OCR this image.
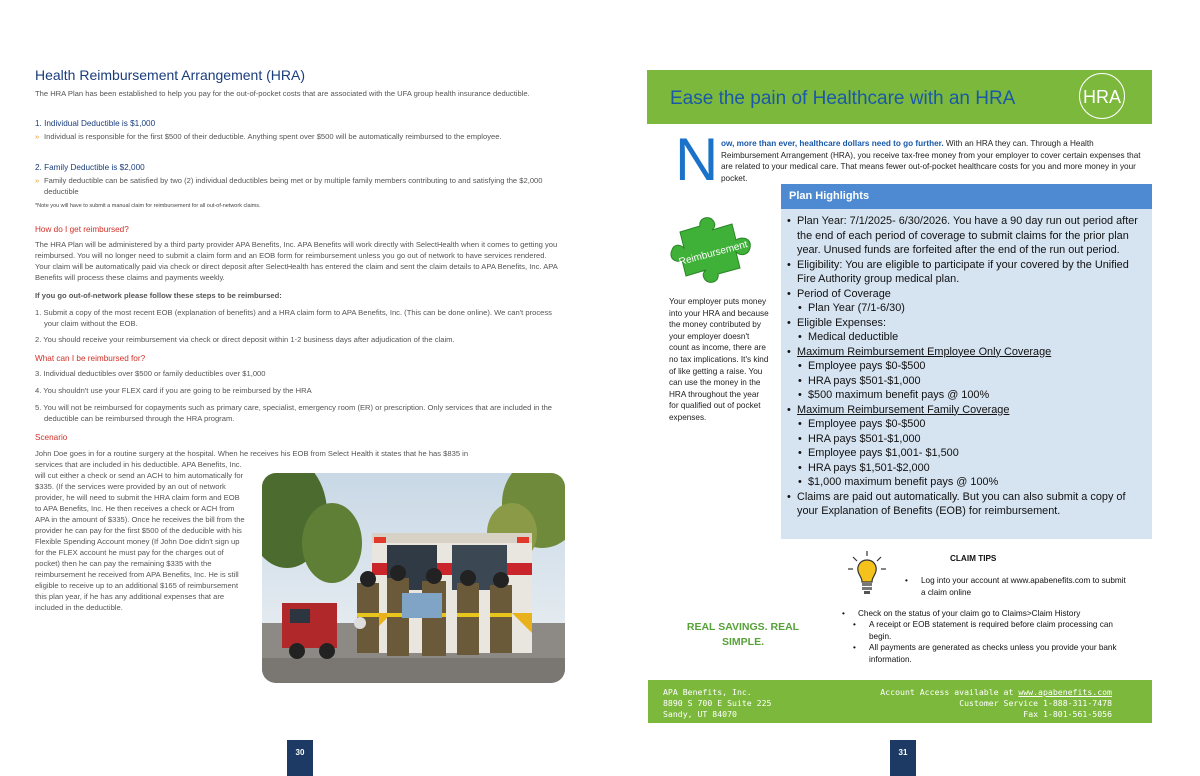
Health Reimbursement Arrangement (HRA)

The HRA Plan has been established to help you pay for the out-of-pocket costs that are associated with the UFA group health insurance deductible.

1. Individual Deductible is $1,000
» Individual is responsible for the first $500 of their deductible. Anything spent over $500 will be automatically reimbursed to the employee.
2. Family Deductible is $2,000
» Family deductible can be satisfied by two (2) individual deductibles being met or by multiple family members contributing to and satisfying the $2,000 deductible
*Note you will have to submit a manual claim for reimbursement for all out-of-network claims.
How do I get reimbursed?

The HRA Plan will be administered by a third party provider APA Benefits, Inc. APA Benefits will work directly with SelectHealth when it comes to getting you reimbursed. You will no longer need to submit a claim form and an EOB form for reimbursement unless you go out of network to have services rendered. Your claim will be automatically paid via check or direct deposit after SelectHealth has entered the claim and sent the claim details to APA Benefits, Inc. APA Benefits will process these claims and payments weekly.

If you go out-of-network please follow these steps to be reimbursed:
1. Submit a copy of the most recent EOB (explanation of benefits) and a HRA claim form to APA Benefits, Inc. (This can be done online). We can't process your claim without the EOB.
2. You should receive your reimbursement via check or direct deposit within 1-2 business days after adjudication of the claim.
What can I be reimbursed for?
3. Individual deductibles over $500 or family deductibles over $1,000
4. You shouldn't use your FLEX card if you are going to be reimbursed by the HRA
5. You will not be reimbursed for copayments such as primary care, specialist, emergency room (ER) or prescription. Only services that are included in the deductible can be reimbursed through the HRA program.
Scenario
John Doe goes in for a routine surgery at the hospital. When he receives his EOB from Select Health it states that he has $835 in
services that are included in his deductible. APA Benefits, Inc. will cut either a check or send an ACH to him automatically for $335. (If the services were provided by an out of network provider, he will need to submit the HRA claim form and EOB to APA Benefits, Inc. He then receives a check or ACH from APA in the amount of $335). Once he receives the bill from the provider he can pay for the first $500 of the deducible with his Flexible Spending Account money (If John Doe didn't sign up for the FLEX account he must pay for the charges out of pocket) then he can pay the remaining $335 with the reimbursement he received from APA Benefits, Inc. He is still eligible to receive up to an additional $165 of reimbursement this plan year, if he has any additional expenses that are included in the deductible.
30
Ease the pain of Healthcare with an HRA	HRA
N ow, more than ever, healthcare dollars need to go further. With an HRA they can. Through a Health Reimbursement Arrangement (HRA), you receive tax-free money from your employer to cover certain expenses that are related to your medical care. That means fewer out-of-pocket healthcare costs for you and more money in your pocket.
Reimbursement
Your employer puts money into your HRA and because the money contributed by your employer doesn't count as income, there are no tax implications. It's kind of like getting a raise. You can use the money in the HRA throughout the year for qualified out of pocket expenses.
Plan Highlights
• Plan Year: 7/1/2025- 6/30/2026. You have a 90 day run out period after the end of each period of coverage to submit claims for the prior plan year. Unused funds are forfeited after the end of the run out period.
• Eligibility: You are eligible to participate if your covered by the Unified Fire Authority group medical plan.
• Period of Coverage
• Plan Year (7/1-6/30)
• Eligible Expenses:
• Medical deductible
• Maximum Reimbursement Employee Only Coverage
• Employee pays $0-$500
• HRA pays $501-$1,000
• $500 maximum benefit pays @ 100%
• Maximum Reimbursement Family Coverage
• Employee pays $0-$500
• HRA pays $501-$1,000
• Employee pays $1,001- $1,500
• HRA pays $1,501-$2,000
• $1,000 maximum benefit pays @ 100%
• Claims are paid out automatically. But you can also submit a copy of your Explanation of Benefits (EOB) for reimbursement.
CLAIM TIPS
• Log into your account at www.apabenefits.com to submit a claim online
• Check on the status of your claim go to Claims>Claim History
• A receipt or EOB statement is required before claim processing can begin.
• All payments are generated as checks unless you provide your bank information.
REAL SAVINGS. REAL SIMPLE.
APA Benefits, Inc.
8890 S 700 E Suite 225
Sandy, UT 84070
Account Access available at www.apabenefits.com
Customer Service 1-888-311-7478
Fax 1-801-561-5056
31
